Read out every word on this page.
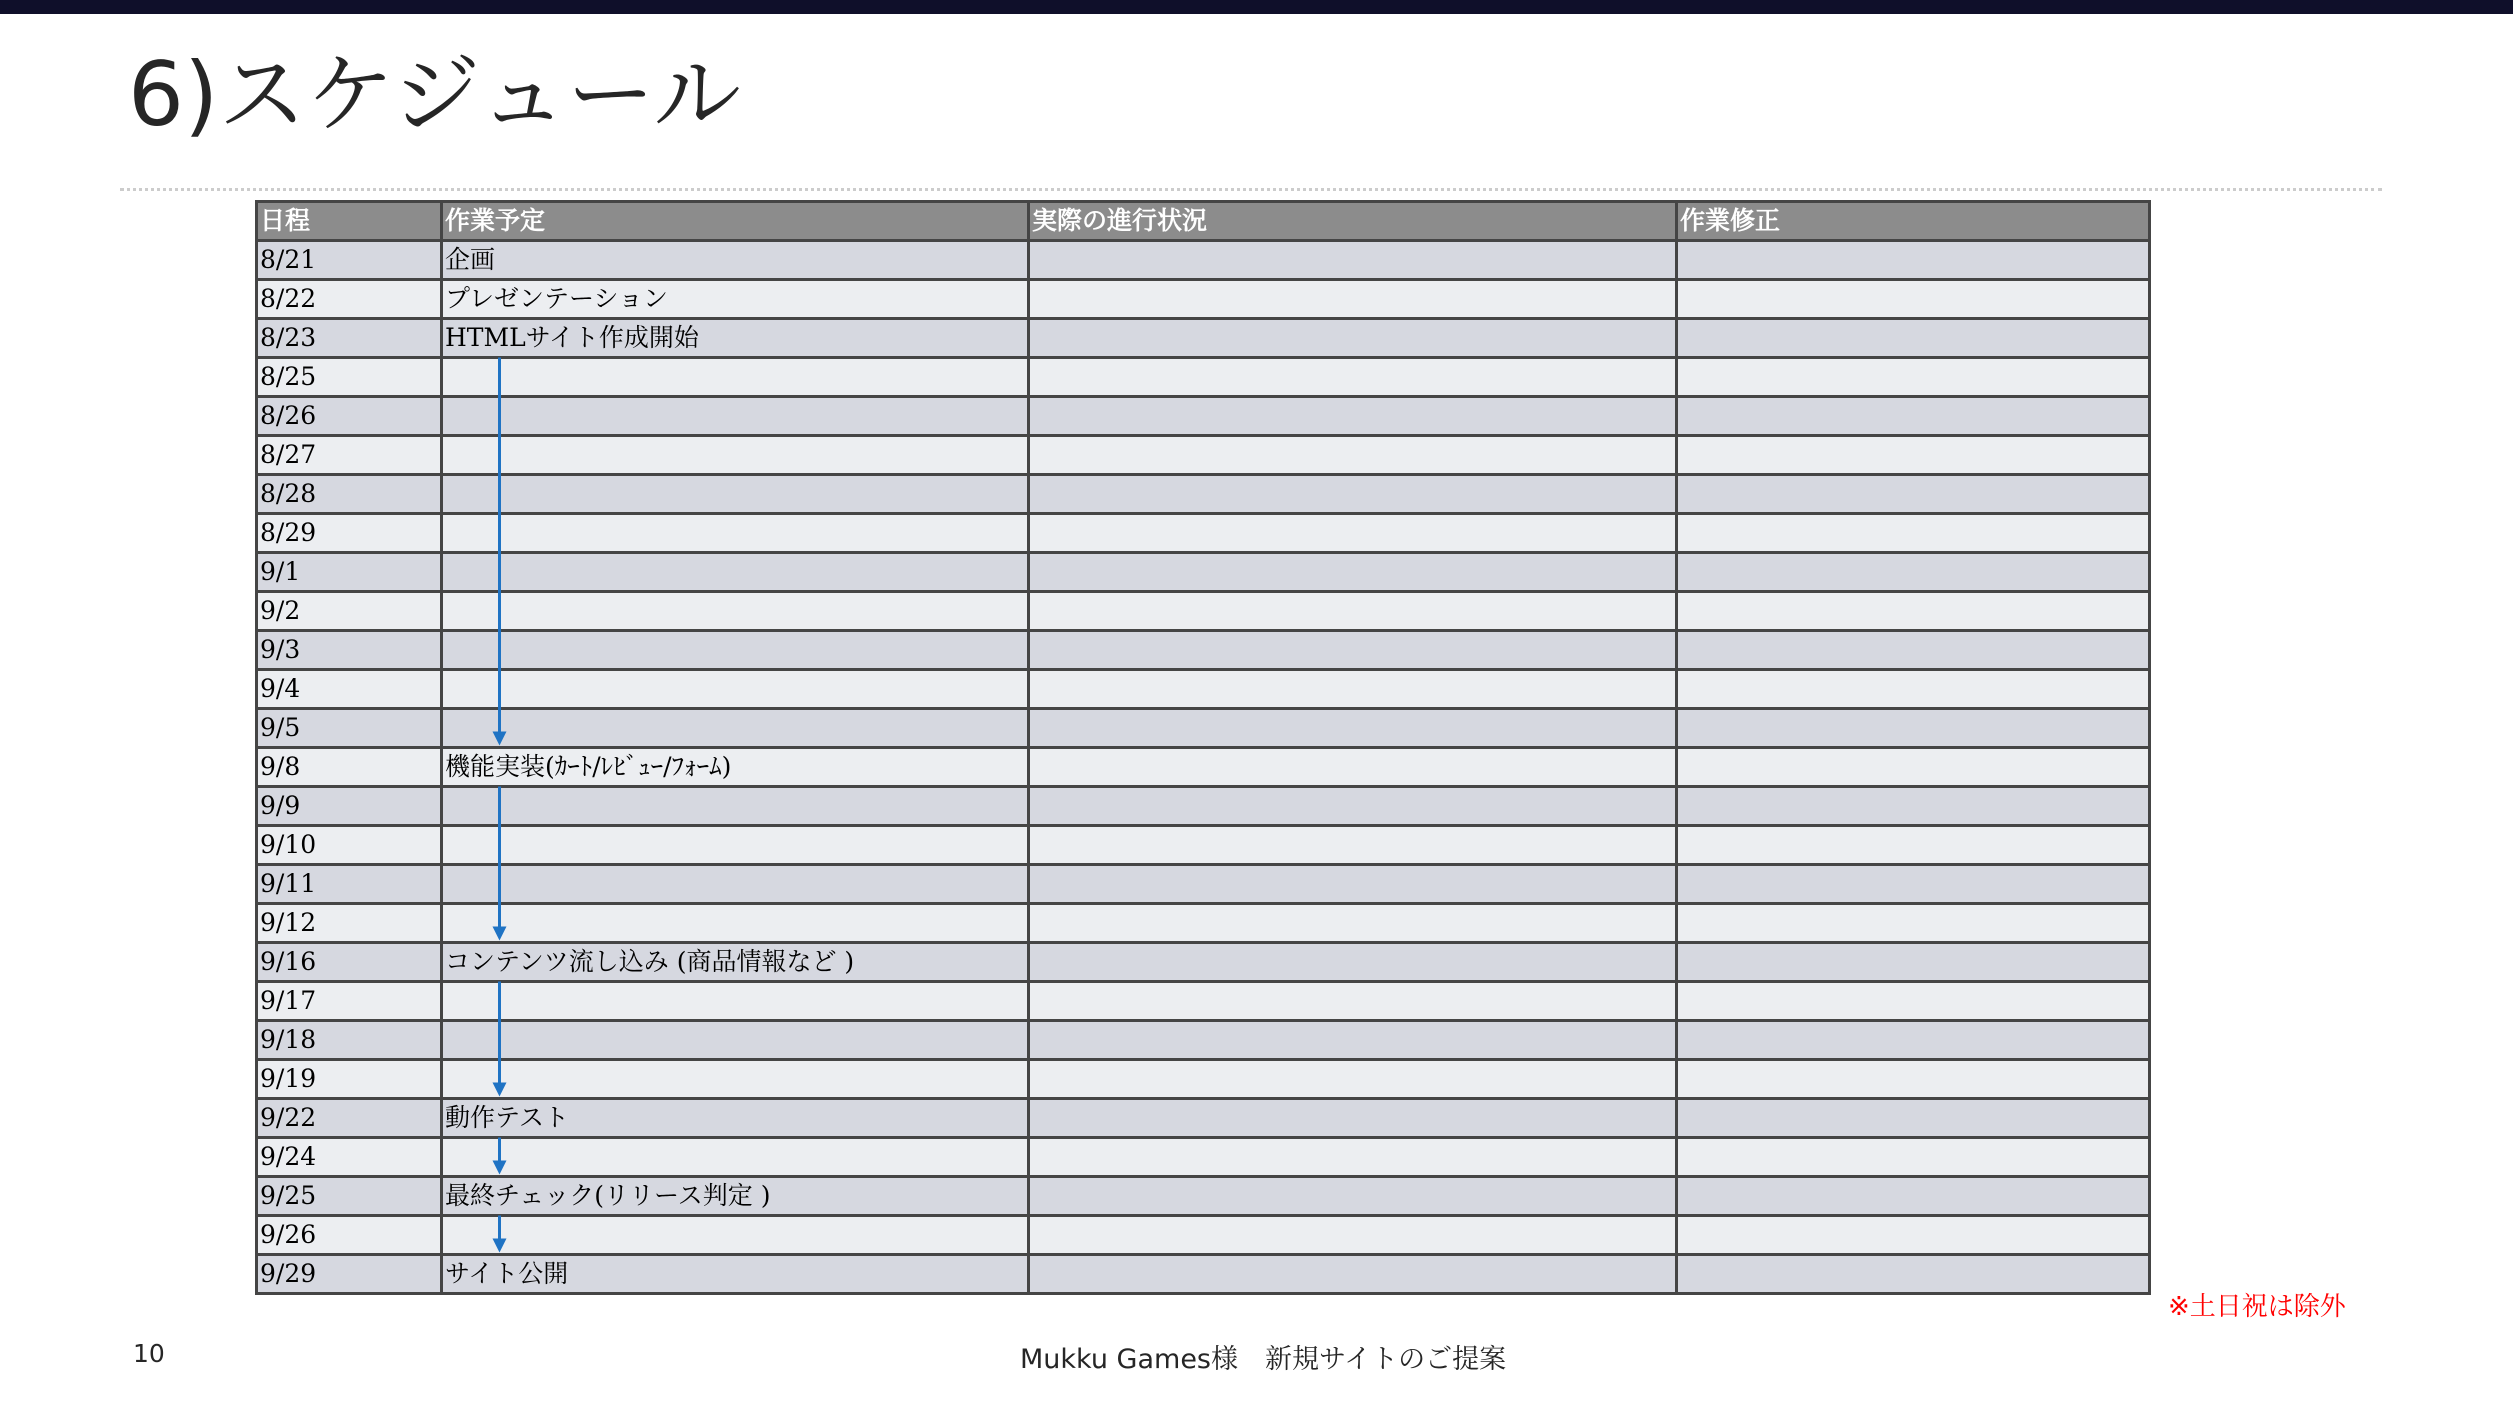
6)スケジュール
日程	作業予定	実際の進行状況	作業修正
8/21	企画		
8/22	プレゼンテーション		
8/23	HTMLサイト作成開始		
8/25			
8/26			
8/27			
8/28			
8/29			
9/1			
9/2			
9/3			
9/4			
9/5			
9/8	機能実装(ｶｰﾄ/ﾚﾋﾞｭｰ/ﾌｫｰﾑ)		
9/9			
9/10			
9/11			
9/12			
9/16	コンテンツ流し込み (商品情報など )		
9/17			
9/18			
9/19			
9/22	動作テスト		
9/24			
9/25	最終チェック(リリース判定 )		
9/26			
9/29	サイト公開		
※土日祝は除外
10	Mukku Games様　新規サイトのご提案
